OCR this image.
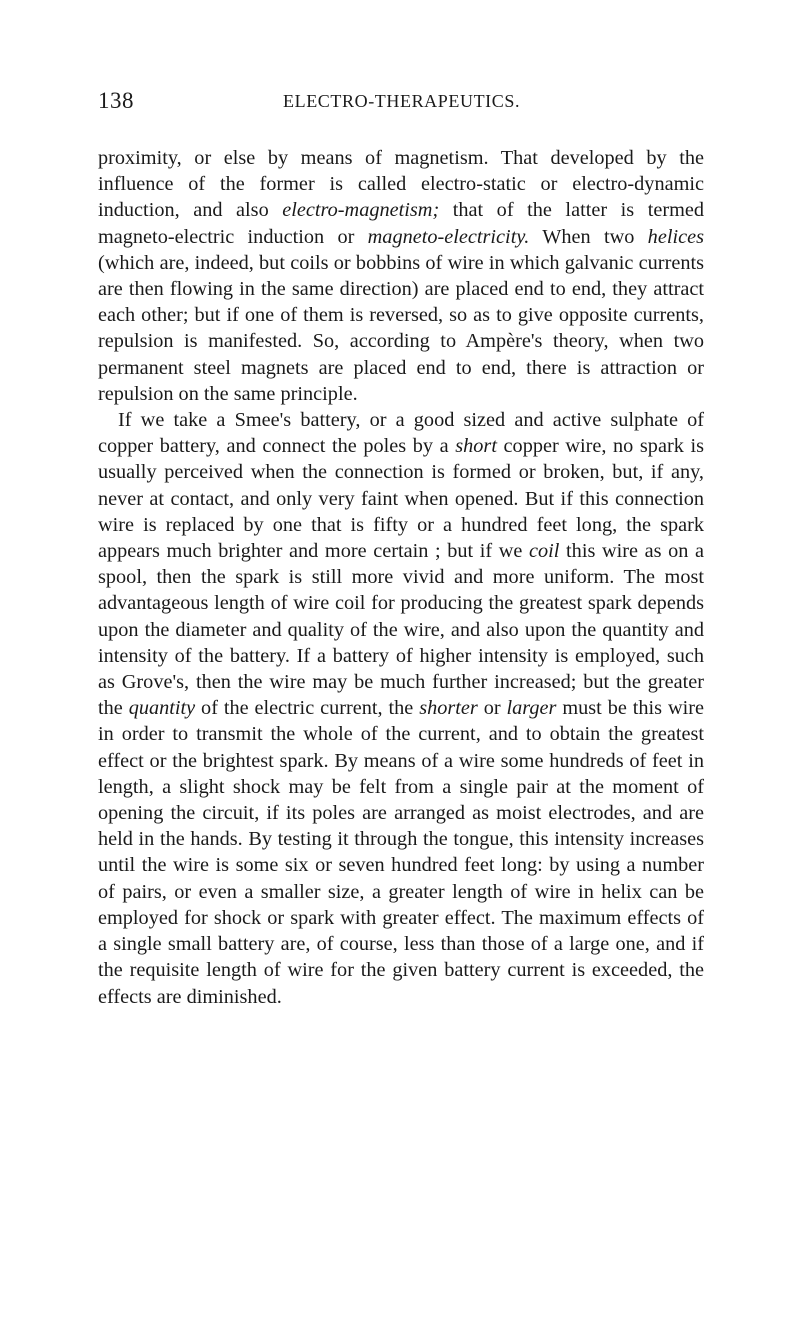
138	ELECTRO-THERAPEUTICS.

proximity, or else by means of magnetism. That developed by the influence of the former is called electro-static or electro-dynamic induction, and also electro-magnetism; that of the latter is termed magneto-electric induction or magneto-electricity. When two helices (which are, indeed, but coils or bobbins of wire in which galvanic currents are then flowing in the same direction) are placed end to end, they attract each other; but if one of them is reversed, so as to give opposite currents, repulsion is manifested. So, according to Ampère's theory, when two permanent steel magnets are placed end to end, there is attraction or repulsion on the same principle.

If we take a Smee's battery, or a good sized and active sulphate of copper battery, and connect the poles by a short copper wire, no spark is usually perceived when the connection is formed or broken, but, if any, never at contact, and only very faint when opened. But if this connection wire is replaced by one that is fifty or a hundred feet long, the spark appears much brighter and more certain ; but if we coil this wire as on a spool, then the spark is still more vivid and more uniform. The most advantageous length of wire coil for producing the greatest spark depends upon the diameter and quality of the wire, and also upon the quantity and intensity of the battery. If a battery of higher intensity is employed, such as Grove's, then the wire may be much further increased; but the greater the quantity of the electric current, the shorter or larger must be this wire in order to transmit the whole of the current, and to obtain the greatest effect or the brightest spark. By means of a wire some hundreds of feet in length, a slight shock may be felt from a single pair at the moment of opening the circuit, if its poles are arranged as moist electrodes, and are held in the hands. By testing it through the tongue, this intensity increases until the wire is some six or seven hundred feet long: by using a number of pairs, or even a smaller size, a greater length of wire in helix can be employed for shock or spark with greater effect. The maximum effects of a single small battery are, of course, less than those of a large one, and if the requisite length of wire for the given battery current is exceeded, the effects are diminished.
